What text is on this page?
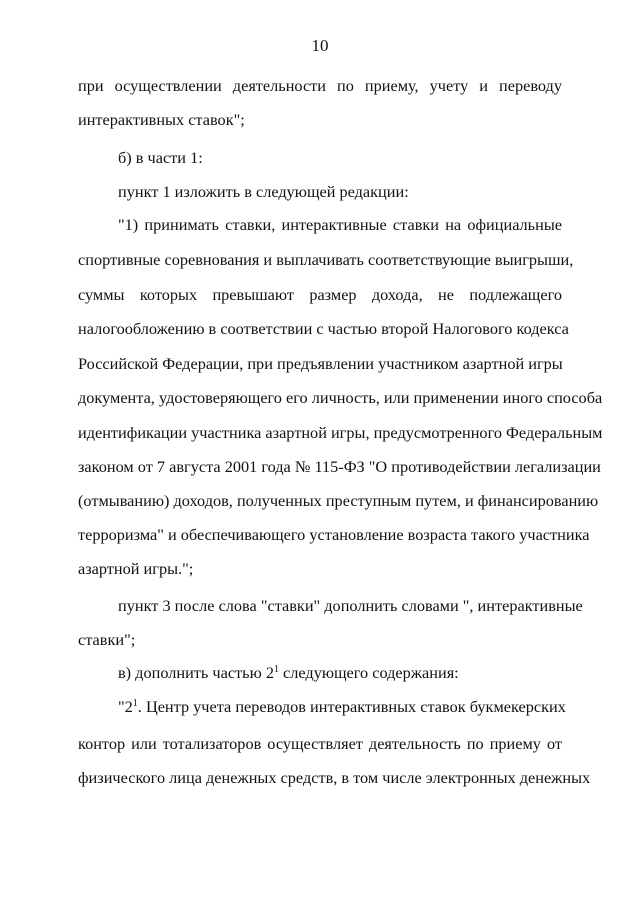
10
при осуществлении деятельности по приему, учету и переводу
интерактивных ставок";
б) в части 1:
пункт 1 изложить в следующей редакции:
"1) принимать ставки, интерактивные ставки на официальные
спортивные соревнования и выплачивать соответствующие выигрыши,
суммы которых превышают размер дохода, не подлежащего
налогообложению в соответствии с частью второй Налогового кодекса
Российской Федерации, при предъявлении участником азартной игры
документа, удостоверяющего его личность, или применении иного способа
идентификации участника азартной игры, предусмотренного Федеральным
законом от 7 августа 2001 года № 115-ФЗ "О противодействии легализации
(отмыванию) доходов, полученных преступным путем, и финансированию
терроризма" и обеспечивающего установление возраста такого участника
азартной игры.";
пункт 3 после слова "ставки" дополнить словами ", интерактивные
ставки";
в) дополнить частью $2^1$ следующего содержания:
"$2^1$. Центр учета переводов интерактивных ставок букмекерских
контор или тотализаторов осуществляет деятельность по приему от
физического лица денежных средств, в том числе электронных денежных
